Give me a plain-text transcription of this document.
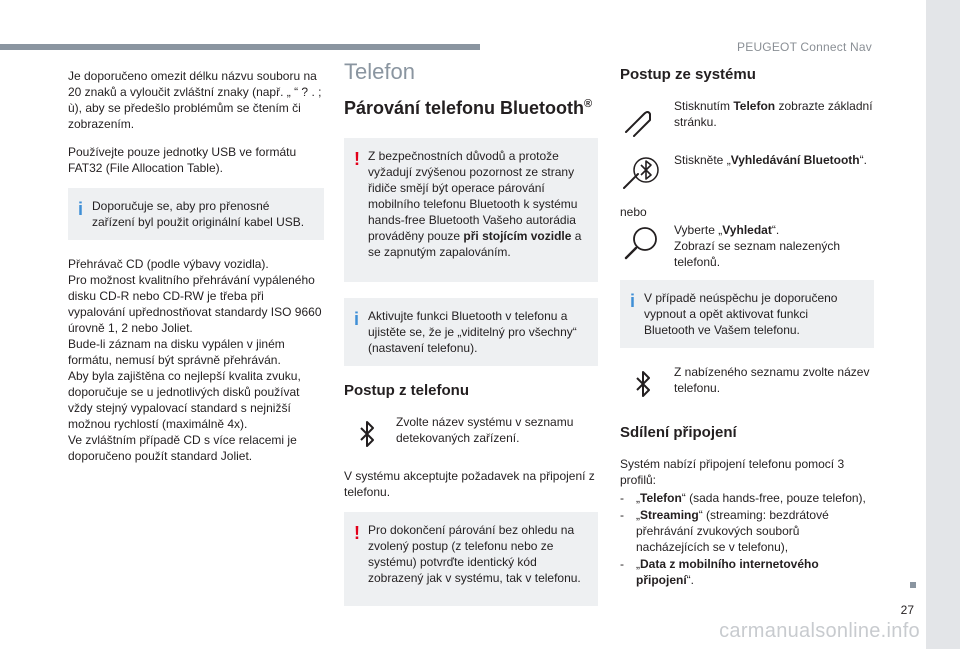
PEUGEOT Connect Nav
27
carmanualsonline.info

Je doporučeno omezit délku názvu souboru na 20 znaků a vyloučit zvláštní znaky (např. „ “ ? . ; ù), aby se předešlo problémům se čtením či zobrazením.

Používejte pouze jednotky USB ve formátu FAT32 (File Allocation Table).

i Doporučuje se, aby pro přenosné zařízení byl použit originální kabel USB.

Přehrávač CD (podle výbavy vozidla).
Pro možnost kvalitního přehrávání vypáleného disku CD-R nebo CD-RW je třeba při vypalování upřednostňovat standardy ISO 9660 úrovně 1, 2 nebo Joliet.
Bude-li záznam na disku vypálen v jiném formátu, nemusí být správně přehráván.
Aby byla zajištěna co nejlepší kvalita zvuku, doporučuje se u jednotlivých disků používat vždy stejný vypalovací standard s nejnižší možnou rychlostí (maximálně 4x).
Ve zvláštním případě CD s více relacemi je doporučeno použít standard Joliet.
Telefon
Párování telefonu Bluetooth®
! Z bezpečnostních důvodů a protože vyžadují zvýšenou pozornost ze strany řidiče smějí být operace párování mobilního telefonu Bluetooth k systému hands-free Bluetooth Vašeho autorádia prováděny pouze při stojícím vozidle a se zapnutým zapalováním.

i Aktivujte funkci Bluetooth v telefonu a ujistěte se, že je „viditelný pro všechny“ (nastavení telefonu).

Postup z telefonu
Zvolte název systému v seznamu detekovaných zařízení.

V systému akceptujte požadavek na připojení z telefonu.

! Pro dokončení párování bez ohledu na zvolený postup (z telefonu nebo ze systému) potvrďte identický kód zobrazený jak v systému, tak v telefonu.

Postup ze systému
Stisknutím Telefon zobrazte základní stránku.
Stiskněte „Vyhledávání Bluetooth“.
nebo
Vyberte „Vyhledat“.
Zobrazí se seznam nalezených telefonů.
i V případě neúspěchu je doporučeno vypnout a opět aktivovat funkci Bluetooth ve Vašem telefonu.

Z nabízeného seznamu zvolte název telefonu.
Sdílení připojení

Systém nabízí připojení telefonu pomocí 3 profilů:

- „Telefon“ (sada hands-free, pouze telefon),
- „Streaming“ (streaming: bezdrátové přehrávání zvukových souborů nacházejících se v telefonu),
- „Data z mobilního internetového připojení“.
